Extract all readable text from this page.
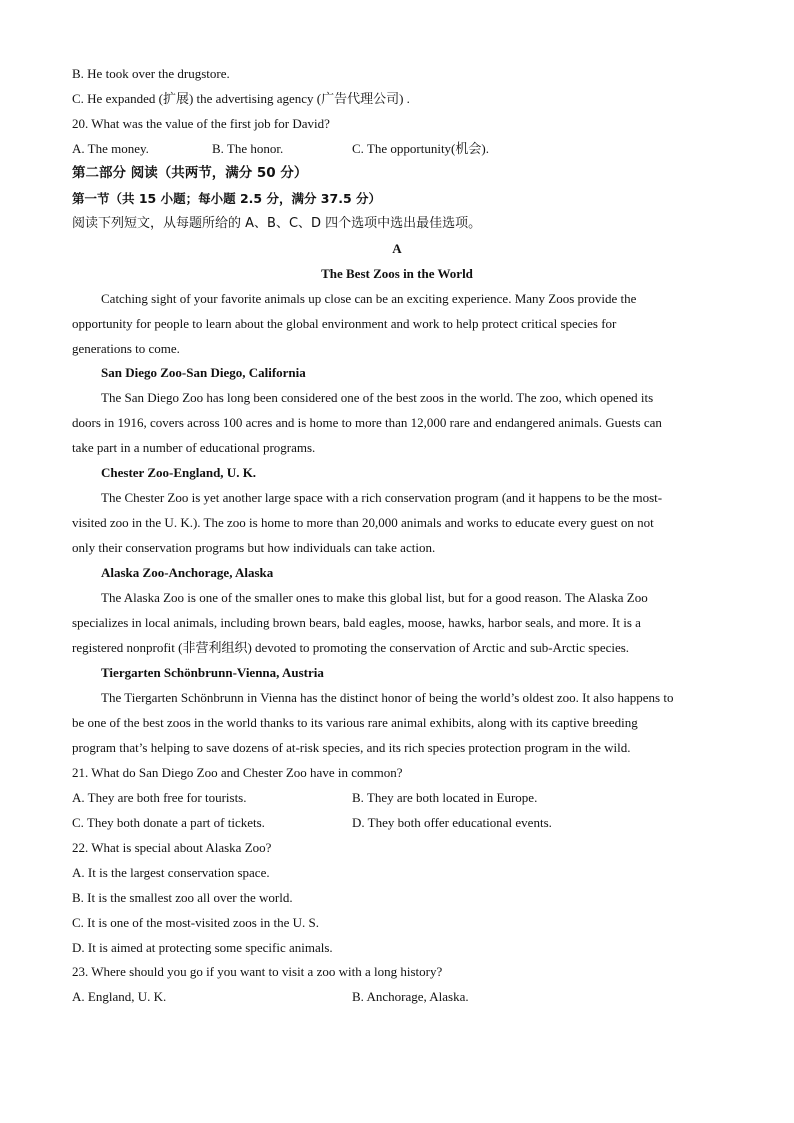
B. He took over the drugstore.
C. He expanded (扩展) the advertising agency (广告代理公司) .
20. What was the value of the first job for David?
A. The money.	B. The honor.	C. The opportunity(机会).
第二部分 阅读（共两节，满分 50 分）
第一节（共 15 小题；每小题 2.5 分，满分 37.5 分）
阅读下列短文，从每题所给的 A、B、C、D 四个选项中选出最佳选项。
A
The Best Zoos in the World
Catching sight of your favorite animals up close can be an exciting experience. Many Zoos provide the
opportunity for people to learn about the global environment and work to help protect critical species for
generations to come.
San Diego Zoo-San Diego, California
The San Diego Zoo has long been considered one of the best zoos in the world. The zoo, which opened its
doors in 1916, covers across 100 acres and is home to more than 12,000 rare and endangered animals. Guests can
take part in a number of educational programs.
Chester Zoo-England, U. K.
The Chester Zoo is yet another large space with a rich conservation program (and it happens to be the most-
visited zoo in the U. K.). The zoo is home to more than 20,000 animals and works to educate every guest on not
only their conservation programs but how individuals can take action.
Alaska Zoo-Anchorage, Alaska
The Alaska Zoo is one of the smaller ones to make this global list, but for a good reason. The Alaska Zoo
specializes in local animals, including brown bears, bald eagles, moose, hawks, harbor seals, and more. It is a
registered nonprofit (非营利组织) devoted to promoting the conservation of Arctic and sub-Arctic species.
Tiergarten Schönbrunn-Vienna, Austria
The Tiergarten Schönbrunn in Vienna has the distinct honor of being the world’s oldest zoo. It also happens to
be one of the best zoos in the world thanks to its various rare animal exhibits, along with its captive breeding
program that’s helping to save dozens of at-risk species, and its rich species protection program in the wild.
21. What do San Diego Zoo and Chester Zoo have in common?
A. They are both free for tourists.	B. They are both located in Europe.
C. They both donate a part of tickets.	D. They both offer educational events.
22. What is special about Alaska Zoo?
A. It is the largest conservation space.
B. It is the smallest zoo all over the world.
C. It is one of the most-visited zoos in the U. S.
D. It is aimed at protecting some specific animals.
23. Where should you go if you want to visit a zoo with a long history?
A. England, U. K.	B. Anchorage, Alaska.
